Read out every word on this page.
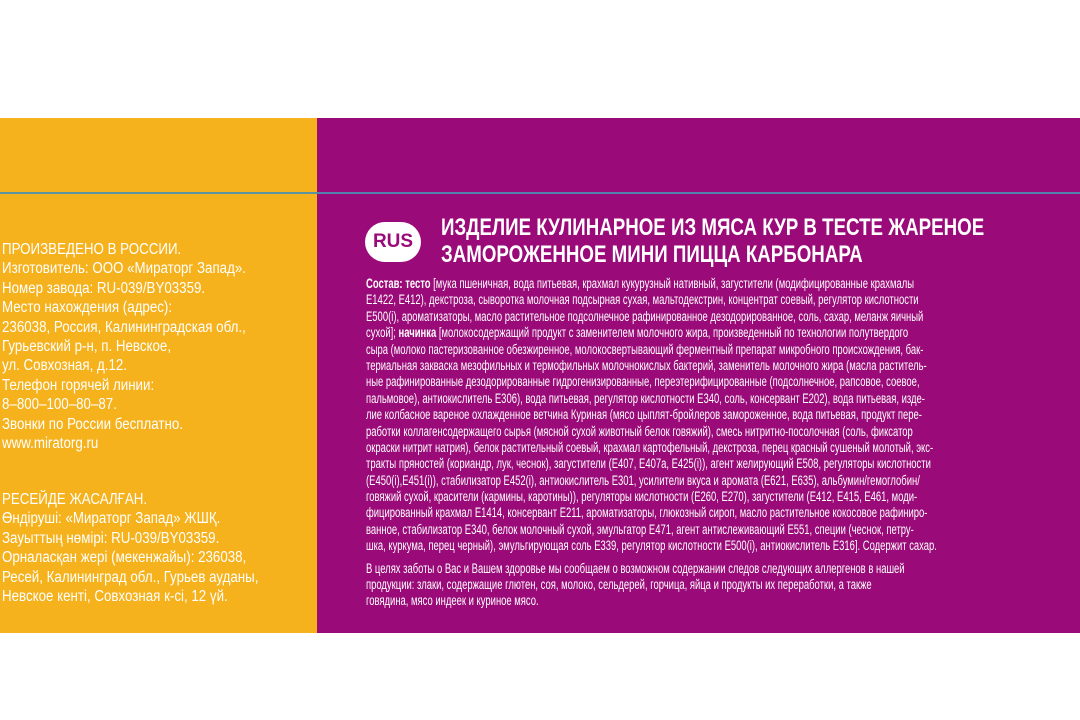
ПРОИЗВЕДЕНО В РОССИИ.
Изготовитель: ООО «Мираторг Запад».
Номер завода: RU-039/BY03359.
Место нахождения (адрес):
236038, Россия, Калининградская обл.,
Гурьевский р-н, п. Невское,
ул. Совхозная, д.12.
Телефон горячей линии:
8–800–100–80–87.
Звонки по России бесплатно.
www.miratorg.ru
РЕСЕЙДЕ ЖАСАЛҒАН.
Өндіруші: «Мираторг Запад» ЖШҚ.
Зауыттың нөмірі: RU-039/BY03359.
Орналасқан жері (мекенжайы): 236038,
Ресей, Калининград обл., Гурьев ауданы,
Невское кенті, Совхозная к-сі, 12 үй.
RUS
ИЗДЕЛИЕ КУЛИНАРНОЕ ИЗ МЯСА КУР В ТЕСТЕ ЖАРЕНОЕ
ЗАМОРОЖЕННОЕ МИНИ ПИЦЦА КАРБОНАРА
Состав: тесто [мука пшеничная, вода питьевая, крахмал кукурузный нативный, загустители (модифицированные крахмалы
Е1422, Е412), декстроза, сыворотка молочная подсырная сухая, мальтодекстрин, концентрат соевый, регулятор кислотности
Е500(i), ароматизаторы, масло растительное подсолнечное рафинированное дезодорированное, соль, сахар, меланж яичный
сухой]; начинка [молокосодержащий продукт с заменителем молочного жира, произведенный по технологии полутвердого
сыра (молоко пастеризованное обезжиренное, молокосвертывающий ферментный препарат микробного происхождения, бак-
териальная закваска мезофильных и термофильных молочнокислых бактерий, заменитель молочного жира (масла раститель-
ные рафинированные дезодорированные гидрогенизированные, переэтерифицированные (подсолнечное, рапсовое, соевое,
пальмовое), антиокислитель Е306), вода питьевая, регулятор кислотности Е340, соль, консервант Е202), вода питьевая, изде-
лие колбасное вареное охлажденное ветчина Куриная (мясо цыплят-бройлеров замороженное, вода питьевая, продукт пере-
работки коллагенсодержащего сырья (мясной сухой животный белок говяжий), смесь нитритно-посолочная (соль, фиксатор
окраски нитрит натрия), белок растительный соевый, крахмал картофельный, декстроза, перец красный сушеный молотый, экс-
тракты пряностей (кориандр, лук, чеснок), загустители (Е407, Е407а, Е425(i)), агент желирующий Е508, регуляторы кислотности
(Е450(i),Е451(i)), стабилизатор Е452(i), антиокислитель Е301, усилители вкуса и аромата (Е621, Е635), альбумин/гемоглобин/
говяжий сухой, красители (кармины, каротины)), регуляторы кислотности (Е260, Е270), загустители (Е412, Е415, Е461, моди-
фицированный крахмал Е1414, консервант Е211, ароматизаторы, глюкозный сироп, масло растительное кокосовое рафиниро-
ванное, стабилизатор Е340, белок молочный сухой, эмульгатор Е471, агент антислеживающий Е551, специи (чеснок, петру-
шка, куркума, перец черный), эмульгирующая соль Е339, регулятор кислотности Е500(i), антиокислитель Е316]. Содержит сахар.
В целях заботы о Вас и Вашем здоровье мы сообщаем о возможном содержании следов следующих аллергенов в нашей
продукции: злаки, содержащие глютен, соя, молоко, сельдерей, горчица, яйца и продукты их переработки, а также
говядина, мясо индеек и куриное мясо.
